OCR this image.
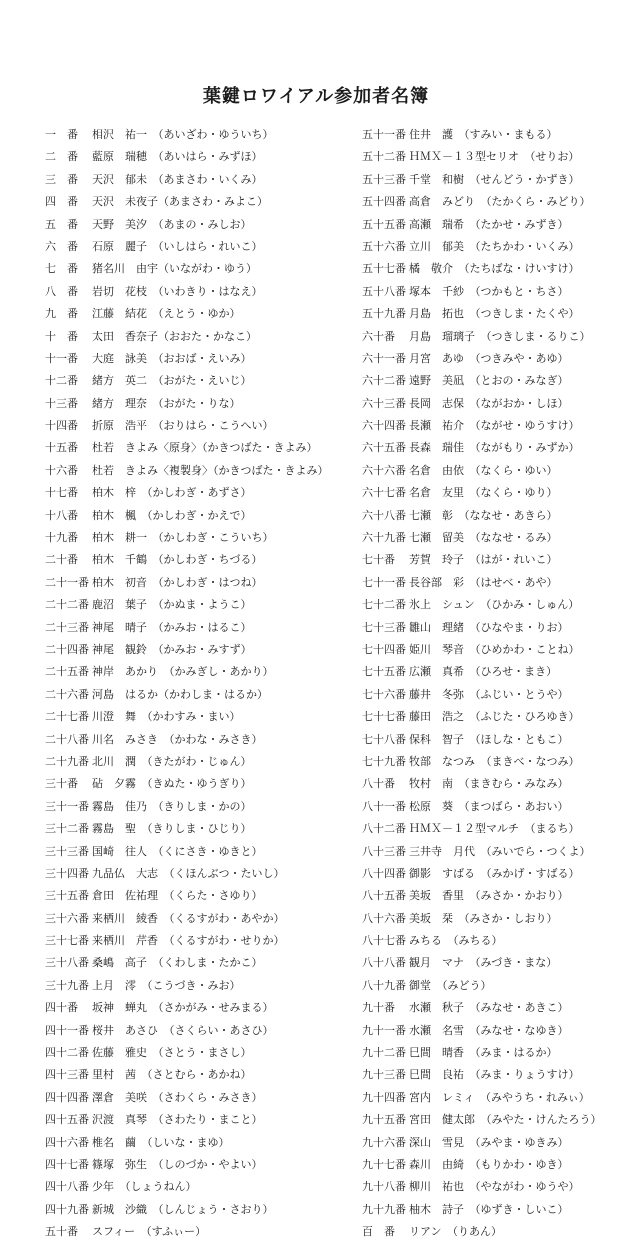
葉鍵ロワイアル参加者名簿
一　番 相沢　祐一　（あいざわ・ゆういち）
二　番 藍原　瑞穂　（あいはら・みずほ）
三　番 天沢　郁未　（あまさわ・いくみ）
四　番 天沢　未夜子（あまさわ・みよこ）
五　番 天野　美汐　（あまの・みしお）
六　番 石原　麗子　（いしはら・れいこ）
七　番 猪名川　由宇（いながわ・ゆう）
八　番 岩切　花枝　（いわきり・はなえ）
九　番 江藤　結花　（えとう・ゆか）
十　番 太田　香奈子（おおた・かなこ）
十一番 大庭　詠美　（おおば・えいみ）
十二番 緒方　英二　（おがた・えいじ）
十三番 緒方　理奈　（おがた・りな）
十四番 折原　浩平　（おりはら・こうへい）
十五番 杜若　きよみ〈原身〉（かきつばた・きよみ）
十六番 杜若　きよみ〈複製身〉（かきつばた・きよみ）
十七番 柏木　梓　（かしわぎ・あずさ）
十八番 柏木　楓　（かしわぎ・かえで）
十九番 柏木　耕一　（かしわぎ・こういち）
二十番 柏木　千鶴　（かしわぎ・ちづる）
二十一番 柏木　初音　（かしわぎ・はつね）
二十二番 鹿沼　葉子　（かぬま・ようこ）
二十三番 神尾　晴子　（かみお・はるこ）
二十四番 神尾　観鈴　（かみお・みすず）
二十五番 神岸　あかり　（かみぎし・あかり）
二十六番 河島　はるか（かわしま・はるか）
二十七番 川澄　舞　（かわすみ・まい）
二十八番 川名　みさき　（かわな・みさき）
二十九番 北川　潤　（きたがわ・じゅん）
三十番 砧　夕霧　（きぬた・ゆうぎり）
三十一番 霧島　佳乃　（きりしま・かの）
三十二番 霧島　聖　（きりしま・ひじり）
三十三番 国崎　往人　（くにさき・ゆきと）
三十四番 九品仏　大志　（くほんぶつ・たいし）
三十五番 倉田　佐祐理　（くらた・さゆり）
三十六番 来栖川　綾香　（くるすがわ・あやか）
三十七番 来栖川　芹香　（くるすがわ・せりか）
三十八番 桑嶋　高子　（くわしま・たかこ）
三十九番 上月　澪　（こうづき・みお）
四十番 坂神　蝉丸　（さかがみ・せみまる）
四十一番 桜井　あさひ　（さくらい・あさひ）
四十二番 佐藤　雅史　（さとう・まさし）
四十三番 里村　茜　（さとむら・あかね）
四十四番 澤倉　美咲　（さわくら・みさき）
四十五番 沢渡　真琴　（さわたり・まこと）
四十六番 椎名　繭　（しいな・まゆ）
四十七番 篠塚　弥生　（しのづか・やよい）
四十八番 少年　（しょうねん）
四十九番 新城　沙織　（しんじょう・さおり）
五十番 スフィー　（すふぃー）
五十一番 住井　護　（すみい・まもる）
五十二番 ＨＭＸ－１３型セリオ　（せりお）
五十三番 千堂　和樹　（せんどう・かずき）
五十四番 高倉　みどり　（たかくら・みどり）
五十五番 高瀬　瑞希　（たかせ・みずき）
五十六番 立川　郁美　（たちかわ・いくみ）
五十七番 橘　敬介　（たちばな・けいすけ）
五十八番 塚本　千紗　（つかもと・ちさ）
五十九番 月島　拓也　（つきしま・たくや）
六十番 月島　瑠璃子　（つきしま・るりこ）
六十一番 月宮　あゆ　（つきみや・あゆ）
六十二番 遠野　美凪　（とおの・みなぎ）
六十三番 長岡　志保　（ながおか・しほ）
六十四番 長瀬　祐介　（ながせ・ゆうすけ）
六十五番 長森　瑞佳　（ながもり・みずか）
六十六番 名倉　由依　（なくら・ゆい）
六十七番 名倉　友里　（なくら・ゆり）
六十八番 七瀬　彰　（ななせ・あきら）
六十九番 七瀬　留美　（ななせ・るみ）
七十番 芳賀　玲子　（はが・れいこ）
七十一番 長谷部　彩　（はせべ・あや）
七十二番 氷上　シュン　（ひかみ・しゅん）
七十三番 雛山　理緒　（ひなやま・りお）
七十四番 姫川　琴音　（ひめかわ・ことね）
七十五番 広瀬　真希　（ひろせ・まき）
七十六番 藤井　冬弥　（ふじい・とうや）
七十七番 藤田　浩之　（ふじた・ひろゆき）
七十八番 保科　智子　（ほしな・ともこ）
七十九番 牧部　なつみ　（まきべ・なつみ）
八十番 牧村　南　（まきむら・みなみ）
八十一番 松原　葵　（まつばら・あおい）
八十二番 ＨＭＸ－１２型マルチ　（まるち）
八十三番 三井寺　月代　（みいでら・つくよ）
八十四番 御影　すばる　（みかげ・すばる）
八十五番 美坂　香里　（みさか・かおり）
八十六番 美坂　栞　（みさか・しおり）
八十七番 みちる　（みちる）
八十八番 観月　マナ　（みづき・まな）
八十九番 御堂　（みどう）
九十番 水瀬　秋子　（みなせ・あきこ）
九十一番 水瀬　名雪　（みなせ・なゆき）
九十二番 巳間　晴香　（みま・はるか）
九十三番 巳間　良祐　（みま・りょうすけ）
九十四番 宮内　レミィ　（みやうち・れみぃ）
九十五番 宮田　健太郎　（みやた・けんたろう）
九十六番 深山　雪見　（みやま・ゆきみ）
九十七番 森川　由綺　（もりかわ・ゆき）
九十八番 柳川　祐也　（やながわ・ゆうや）
九十九番 柚木　詩子　（ゆずき・しいこ）
百　番 リアン　（りあん）
